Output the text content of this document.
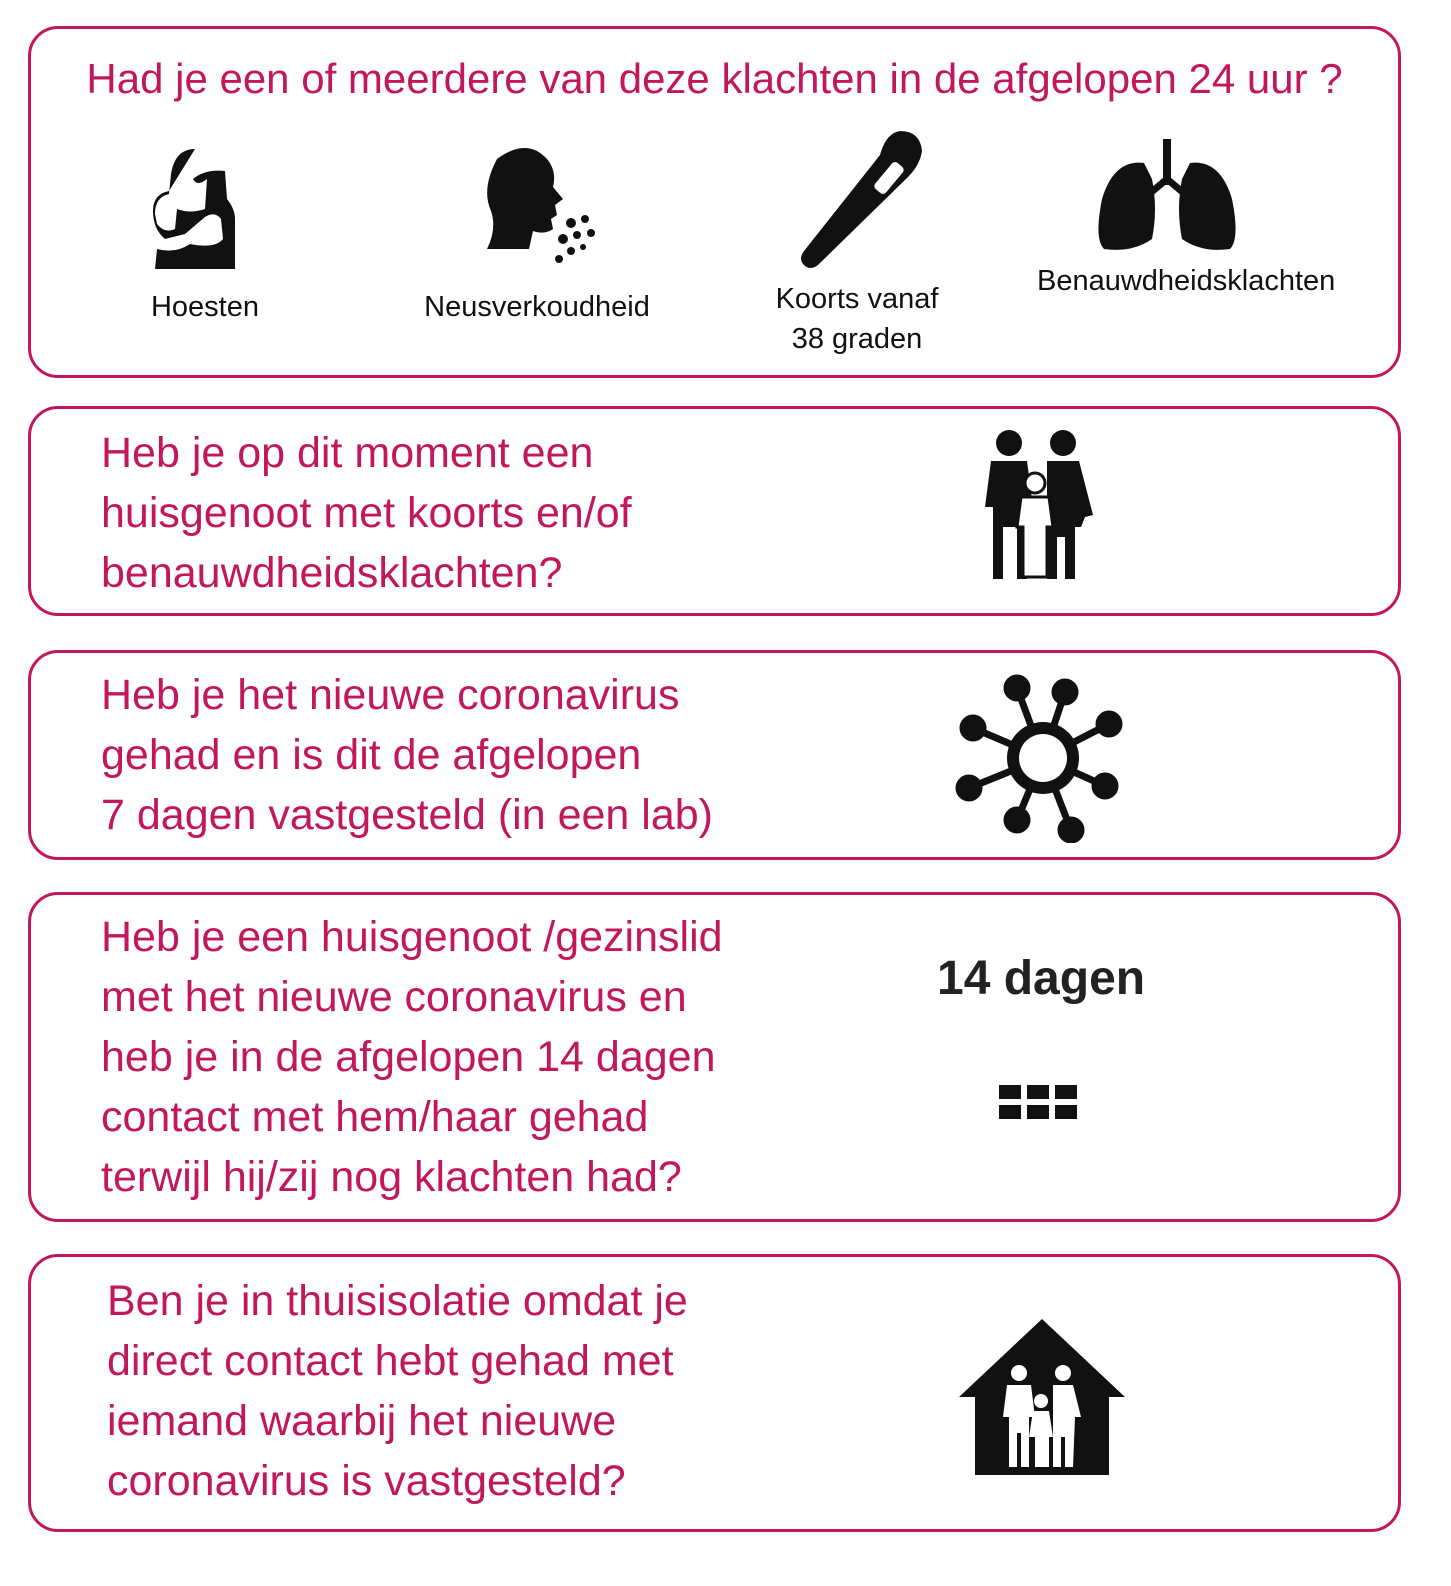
Had je een of meerdere van deze klachten in de afgelopen 24 uur ?
Hoesten	Neusverkoudheid	Koorts vanaf
38 graden
Benauwdheidsklachten
Heb je op dit moment een
huisgenoot met koorts en/of
benauwdheidsklachten?
Heb je het nieuwe coronavirus
gehad en is dit de afgelopen
7 dagen vastgesteld (in een lab)
Heb je een huisgenoot /gezinslid
met het nieuwe coronavirus en
heb je in de afgelopen 14 dagen
contact met hem/haar gehad
terwijl hij/zij nog klachten had?
14 dagen
Ben je in thuisisolatie omdat je
direct contact hebt gehad met
iemand waarbij het nieuwe
coronavirus is vastgesteld?
